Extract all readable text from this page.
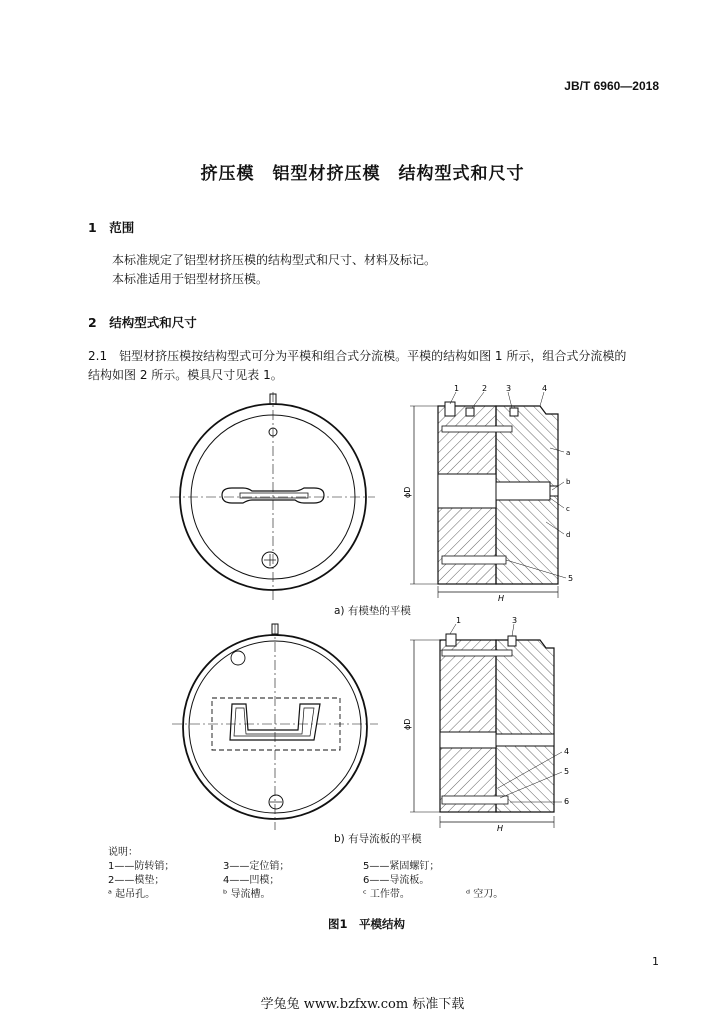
JB/T 6960—2018
挤压模　铝型材挤压模　结构型式和尺寸
1　范围
本标准规定了铝型材挤压模的结构型式和尺寸、材料及标记。
本标准适用于铝型材挤压模。
2　结构型式和尺寸
2.1　铝型材挤压模按结构型式可分为平模和组合式分流模。平模的结构如图 1 所示，组合式分流模的
结构如图 2 所示。模具尺寸见表 1。
ϕD
H
1	2 3	4
a
b
c
d
5
a) 有模垫的平模
ϕD
H
1	3
4
5
6
b) 有导流板的平模
说明：
1——防转销；	3——定位销；	5——紧固螺钉；
2——模垫；	4——凹模；	6——导流板。
ᵃ 起吊孔。	ᵇ 导流槽。	ᶜ 工作带。	ᵈ 空刀。
图1　平模结构
1
学兔兔 www.bzfxw.com 标准下载
